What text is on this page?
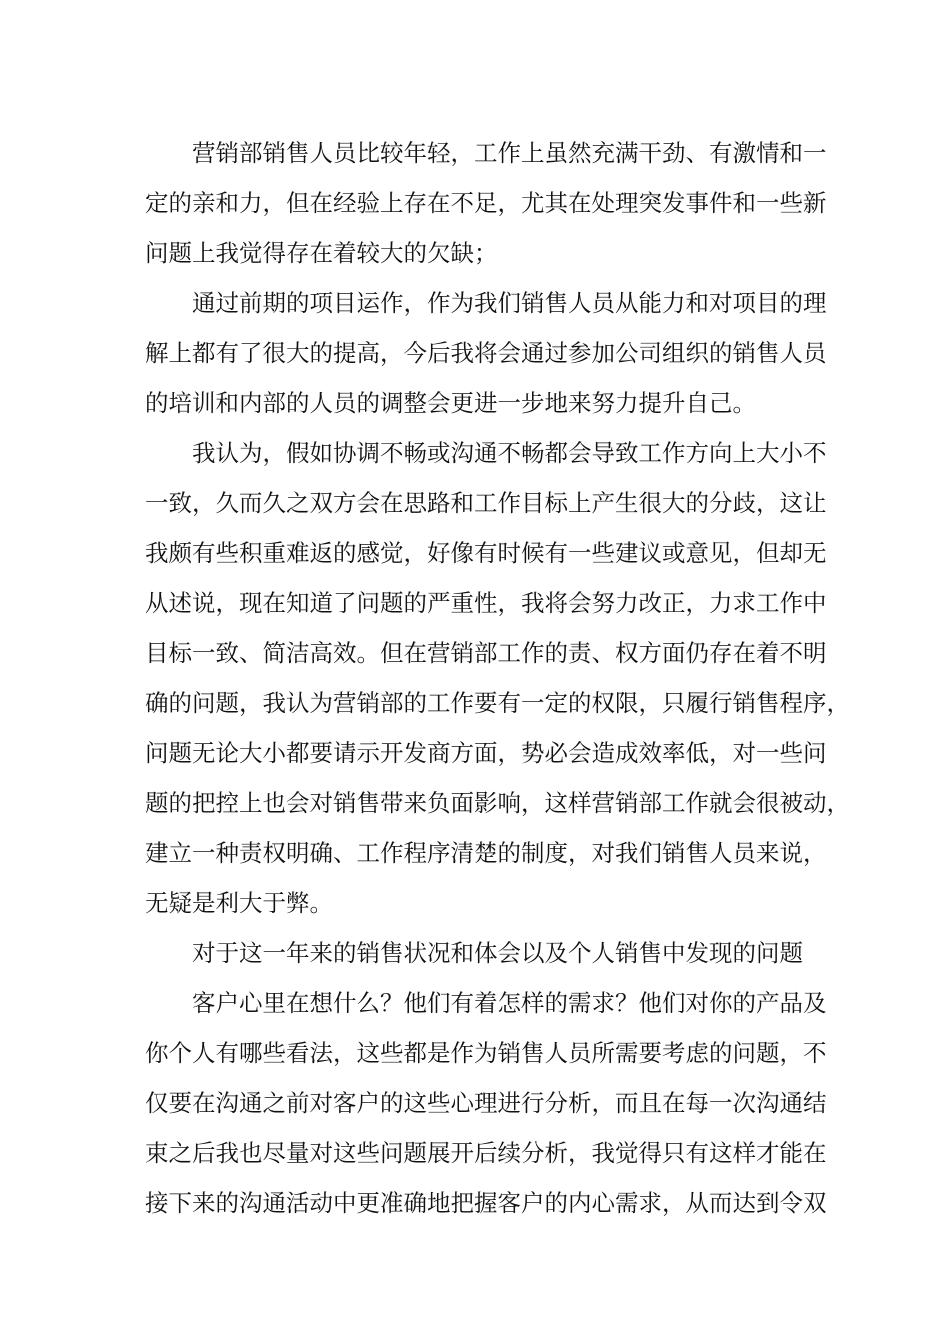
营销部销售人员比较年轻，工作上虽然充满干劲、有激情和一
定的亲和力，但在经验上存在不足，尤其在处理突发事件和一些新
问题上我觉得存在着较大的欠缺；

通过前期的项目运作，作为我们销售人员从能力和对项目的理
解上都有了很大的提高，今后我将会通过参加公司组织的销售人员
的培训和内部的人员的调整会更进一步地来努力提升自己。

我认为，假如协调不畅或沟通不畅都会导致工作方向上大小不
一致，久而久之双方会在思路和工作目标上产生很大的分歧，这让
我颇有些积重难返的感觉，好像有时候有一些建议或意见，但却无
从述说，现在知道了问题的严重性，我将会努力改正，力求工作中
目标一致、简洁高效。但在营销部工作的责、权方面仍存在着不明
确的问题，我认为营销部的工作要有一定的权限，只履行销售程序，
问题无论大小都要请示开发商方面，势必会造成效率低，对一些问
题的把控上也会对销售带来负面影响，这样营销部工作就会很被动，
建立一种责权明确、工作程序清楚的制度，对我们销售人员来说，
无疑是利大于弊。

对于这一年来的销售状况和体会以及个人销售中发现的问题

客户心里在想什么？他们有着怎样的需求？他们对你的产品及
你个人有哪些看法，这些都是作为销售人员所需要考虑的问题，不
仅要在沟通之前对客户的这些心理进行分析，而且在每一次沟通结
束之后我也尽量对这些问题展开后续分析，我觉得只有这样才能在
接下来的沟通活动中更准确地把握客户的内心需求，从而达到令双
